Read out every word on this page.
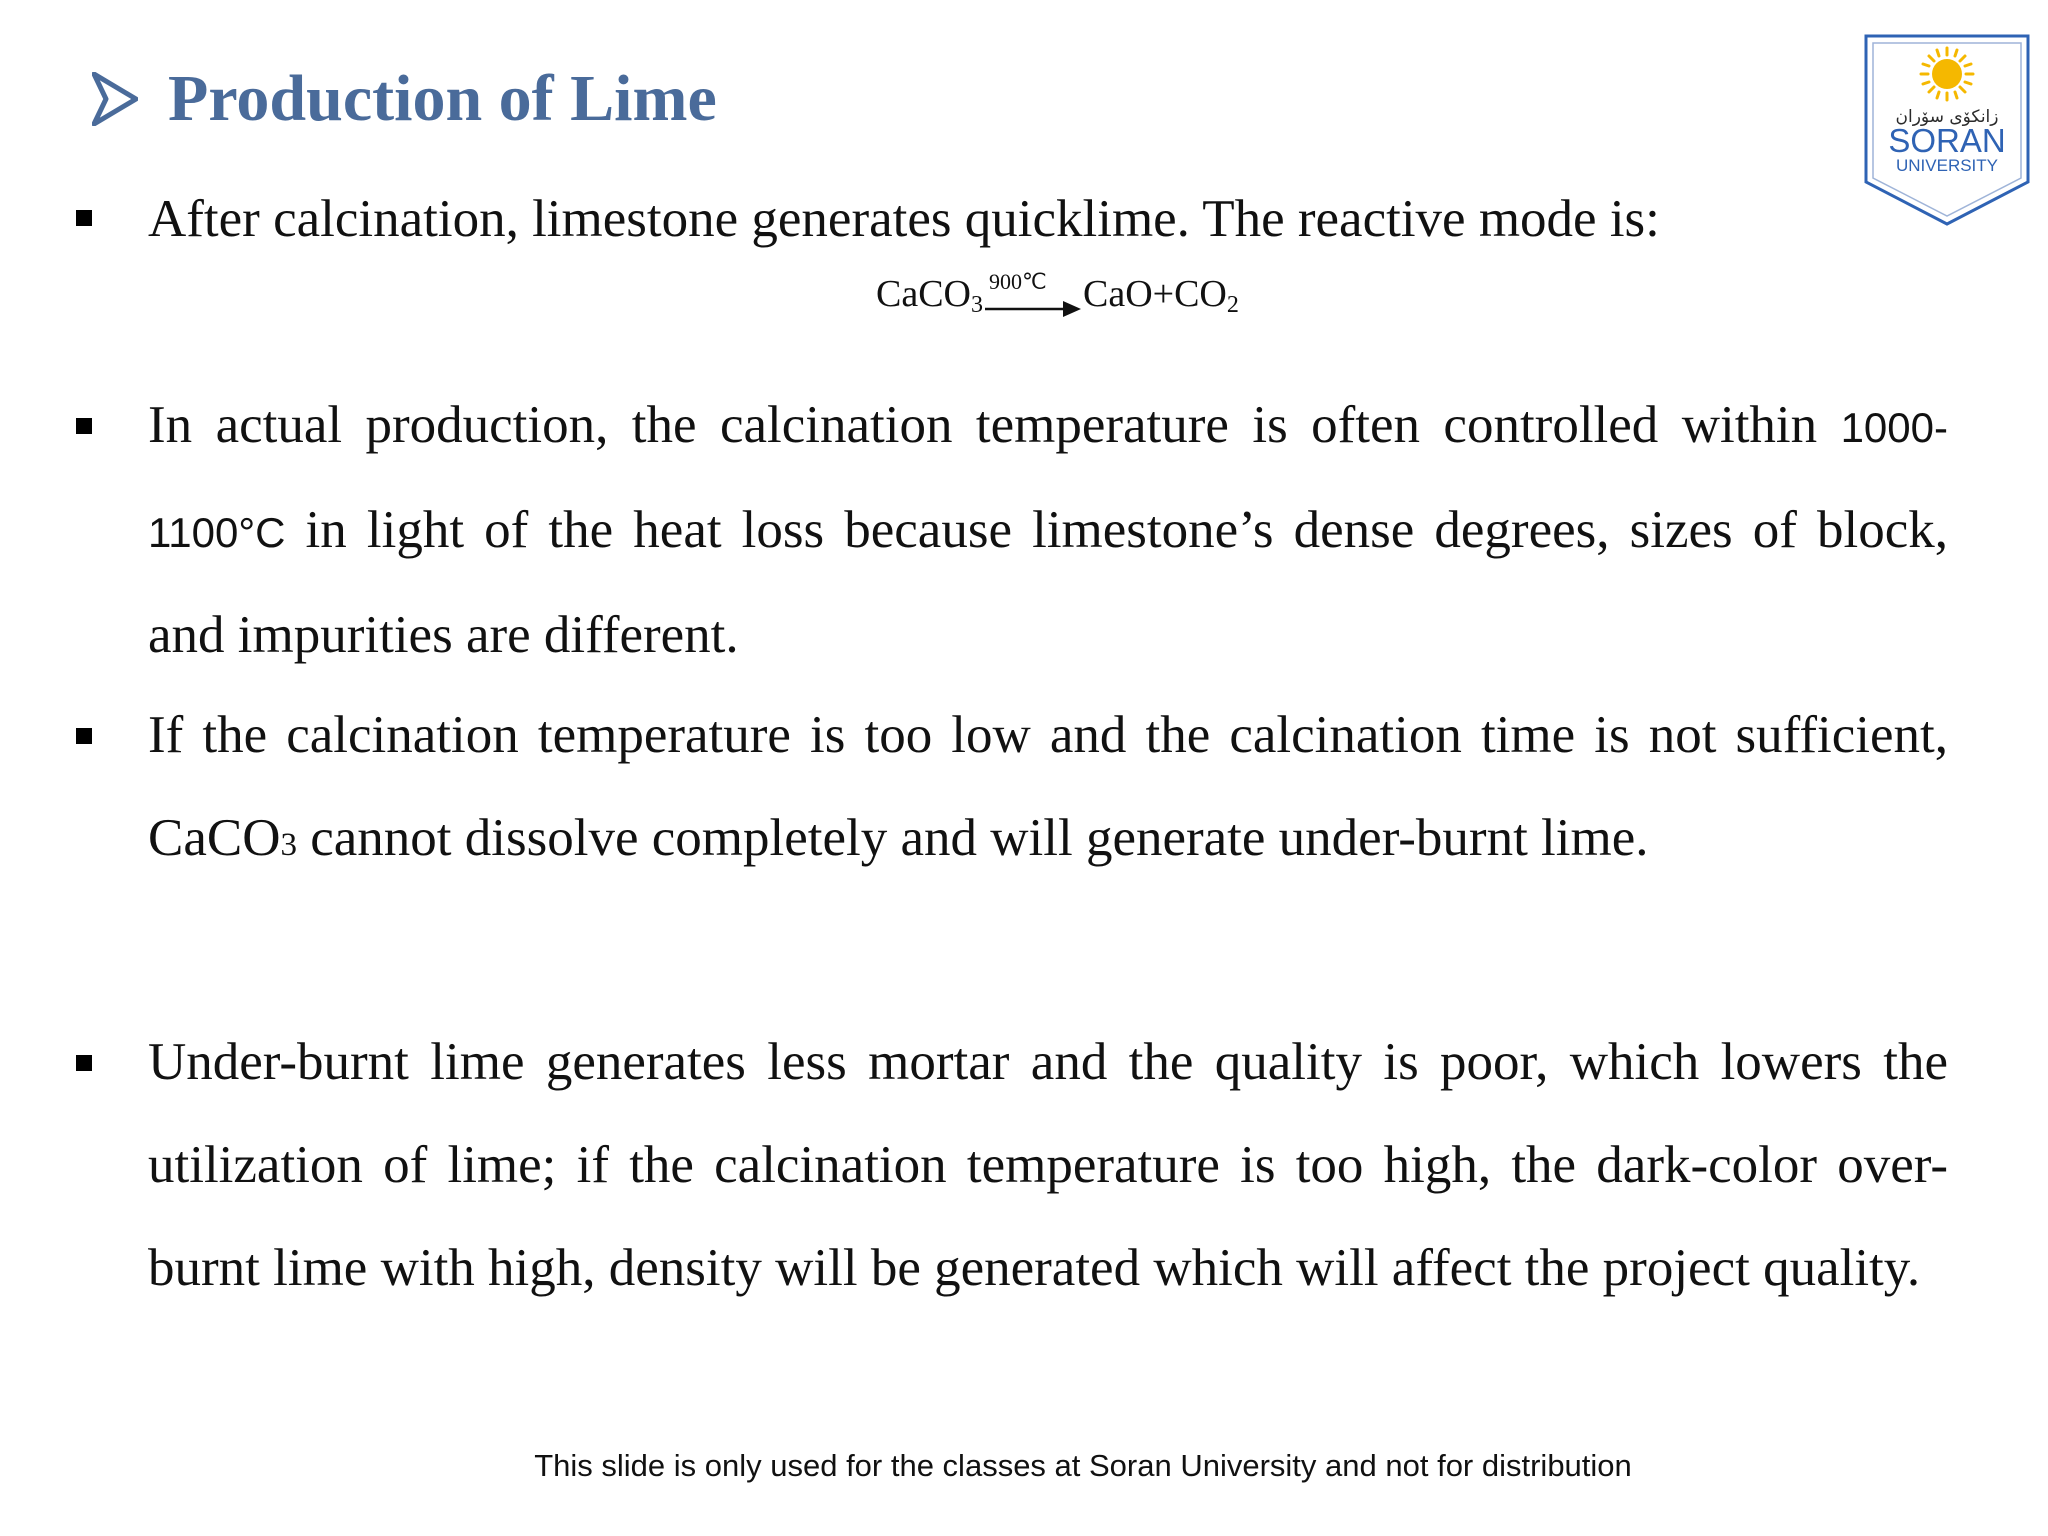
Production of Lime	زانكۆی سۆران
SORAN
UNIVERSITY
After calcination, limestone generates quicklime. The reactive mode is:
CaCO$_3$
900℃ $CaO+CO_2$
In actual production, the calcination temperature is often controlled within 1000-1100°C in light of the heat loss because limestone’s dense degrees, sizes of block, and impurities are different.
If the calcination temperature is too low and the calcination time is not sufficient, CaCO3 cannot dissolve completely and will generate under-burnt lime.
Under-burnt lime generates less mortar and the quality is poor, which lowers the utilization of lime; if the calcination temperature is too high, the dark-color over-burnt lime with high, density will be generated which will affect the project quality.
This slide is only used for the classes at Soran University and not for distribution
